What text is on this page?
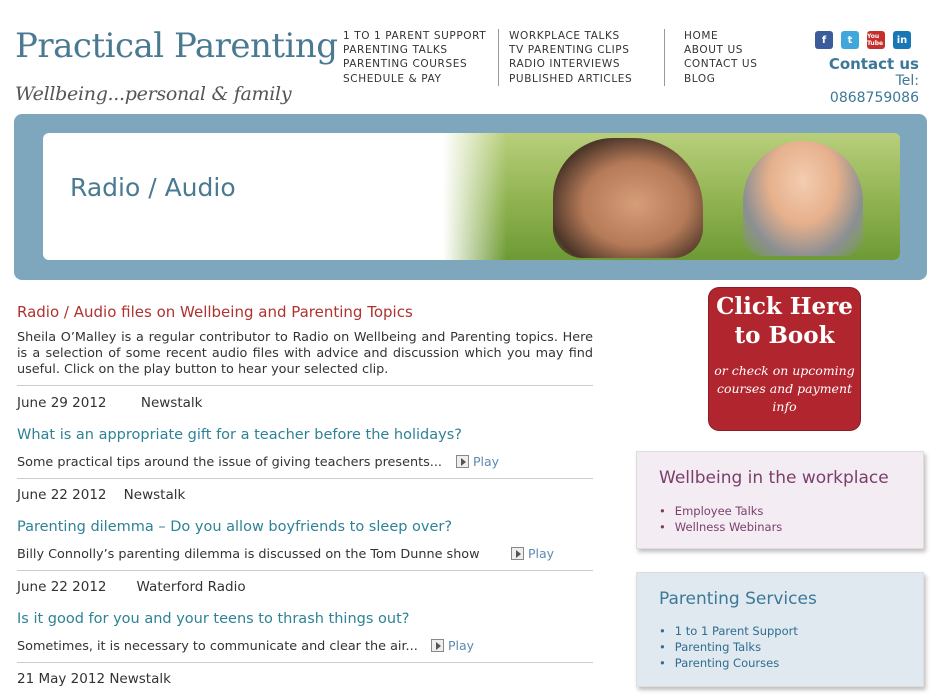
Practical Parenting
Wellbeing...personal & family
1 TO 1 PARENT SUPPORT
PARENTING TALKS
PARENTING COURSES
SCHEDULE & PAY
WORKPLACE TALKS
TV PARENTING CLIPS
RADIO INTERVIEWS
PUBLISHED ARTICLES
HOME
ABOUT US
CONTACT US
BLOG
f	t	You Tube	in
Contact us
Tel:
0868759086
Radio / Audio
Radio / Audio files on Wellbeing and Parenting Topics
Sheila O’Malley is a regular contributor to Radio on Wellbeing and Parenting topics. Here is a selection of some recent audio files with advice and discussion which you may find useful. Click on the play button to hear your selected clip.
June 29 2012        Newstalk
What is an appropriate gift for a teacher before the holidays?
Some practical tips around the issue of giving teachers presents... Play
June 22 2012    Newstalk
Parenting dilemma – Do you allow boyfriends to sleep over?
Billy Connolly’s parenting dilemma is discussed on the Tom Dunne show	Play
June 22 2012       Waterford Radio
Is it good for you and your teens to thrash things out?
Sometimes, it is necessary to communicate and clear the air... Play
21 May 2012 Newstalk
Click Here to Book
or check on upcoming courses and payment info
Wellbeing in the workplace
• Employee Talks
• Wellness Webinars
Parenting Services
• 1 to 1 Parent Support
• Parenting Talks
• Parenting Courses
